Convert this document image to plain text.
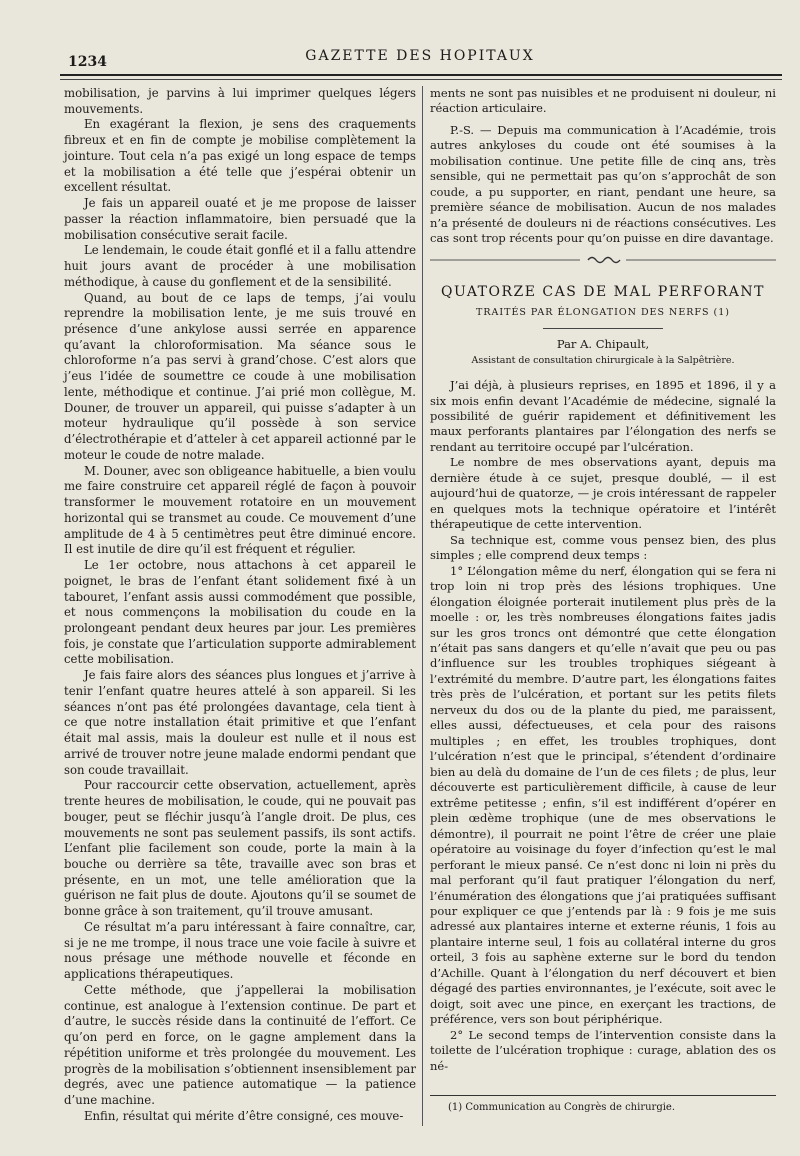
1234	GAZETTE DES HOPITAUX

mobilisation, je parvins à lui imprimer quelques légers mouvements.

En exagérant la flexion, je sens des craquements fibreux et en fin de compte je mobilise complètement la jointure. Tout cela n’a pas exigé un long espace de temps et la mobilisation a été telle que j’espérai obtenir un excellent résultat.

Je fais un appareil ouaté et je me propose de laisser passer la réaction inflammatoire, bien persuadé que la mobilisation consécutive serait facile.

Le lendemain, le coude était gonflé et il a fallu attendre huit jours avant de procéder à une mobilisation méthodique, à cause du gonflement et de la sensibilité.

Quand, au bout de ce laps de temps, j’ai voulu reprendre la mobilisation lente, je me suis trouvé en présence d’une ankylose aussi serrée en apparence qu’avant la chloroformisation. Ma séance sous le chloroforme n’a pas servi à grand’chose. C’est alors que j’eus l’idée de soumettre ce coude à une mobilisation lente, méthodique et continue. J’ai prié mon collègue, M. Douner, de trouver un appareil, qui puisse s’adapter à un moteur hydraulique qu’il possède à son service d’électrothérapie et d’atteler à cet appareil actionné par le moteur le coude de notre malade.

M. Douner, avec son obligeance habituelle, a bien voulu me faire construire cet appareil réglé de façon à pouvoir transformer le mouvement rotatoire en un mouvement horizontal qui se transmet au coude. Ce mouvement d’une amplitude de 4 à 5 centimètres peut être diminué encore. Il est inutile de dire qu’il est fréquent et régulier.

Le 1er octobre, nous attachons à cet appareil le poignet, le bras de l’enfant étant solidement fixé à un tabouret, l’enfant assis aussi commodément que possible, et nous commençons la mobilisation du coude en la prolongeant pendant deux heures par jour. Les premières fois, je constate que l’articulation supporte admirablement cette mobilisation.

Je fais faire alors des séances plus longues et j’arrive à tenir l’enfant quatre heures attelé à son appareil. Si les séances n’ont pas été prolongées davantage, cela tient à ce que notre installation était primitive et que l’enfant était mal assis, mais la douleur est nulle et il nous est arrivé de trouver notre jeune malade endormi pendant que son coude travaillait.

Pour raccourcir cette observation, actuellement, après trente heures de mobilisation, le coude, qui ne pouvait pas bouger, peut se fléchir jusqu’à l’angle droit. De plus, ces mouvements ne sont pas seulement passifs, ils sont actifs. L’enfant plie facilement son coude, porte la main à la bouche ou derrière sa tête, travaille avec son bras et présente, en un mot, une telle amélioration que la guérison ne fait plus de doute. Ajoutons qu’il se soumet de bonne grâce à son traitement, qu’il trouve amusant.

Ce résultat m’a paru intéressant à faire connaître, car, si je ne me trompe, il nous trace une voie facile à suivre et nous présage une méthode nouvelle et féconde en applications thérapeutiques.

Cette méthode, que j’appellerai la mobilisation continue, est analogue à l’extension continue. De part et d’autre, le succès réside dans la continuité de l’effort. Ce qu’on perd en force, on le gagne amplement dans la répétition uniforme et très prolongée du mouvement. Les progrès de la mobilisation s’obtiennent insensiblement par degrés, avec une patience automatique — la patience d’une machine.

Enfin, résultat qui mérite d’être consigné, ces mouve-

ments ne sont pas nuisibles et ne produisent ni douleur, ni réaction articulaire.

P.-S. — Depuis ma communication à l’Académie, trois autres ankyloses du coude ont été soumises à la mobilisation continue. Une petite fille de cinq ans, très sensible, qui ne permettait pas qu’on s’approchât de son coude, a pu supporter, en riant, pendant une heure, sa première séance de mobilisation. Aucun de nos malades n’a présenté de douleurs ni de réactions consécutives. Les cas sont trop récents pour qu’on puisse en dire davantage.

QUATORZE CAS DE MAL PERFORANT
TRAITÉS PAR ÉLONGATION DES NERFS (1)
Par A. Chipault,
Assistant de consultation chirurgicale à la Salpêtrière.

J’ai déjà, à plusieurs reprises, en 1895 et 1896, il y a six mois enfin devant l’Académie de médecine, signalé la possibilité de guérir rapidement et définitivement les maux perforants plantaires par l’élongation des nerfs se rendant au territoire occupé par l’ulcération.

Le nombre de mes observations ayant, depuis ma dernière étude à ce sujet, presque doublé, — il est aujourd’hui de quatorze, — je crois intéressant de rappeler en quelques mots la technique opératoire et l’intérêt thérapeutique de cette intervention.

Sa technique est, comme vous pensez bien, des plus simples ; elle comprend deux temps :

1° L’élongation même du nerf, élongation qui se fera ni trop loin ni trop près des lésions trophiques. Une élongation éloignée porterait inutilement plus près de la moelle : or, les très nombreuses élongations faites jadis sur les gros troncs ont démontré que cette élongation n’était pas sans dangers et qu’elle n’avait que peu ou pas d’influence sur les troubles trophiques siégeant à l’extrémité du membre. D’autre part, les élongations faites très près de l’ulcération, et portant sur les petits filets nerveux du dos ou de la plante du pied, me paraissent, elles aussi, défectueuses, et cela pour des raisons multiples ; en effet, les troubles trophiques, dont l’ulcération n’est que le principal, s’étendent d’ordinaire bien au delà du domaine de l’un de ces filets ; de plus, leur découverte est particulièrement difficile, à cause de leur extrême petitesse ; enfin, s’il est indifférent d’opérer en plein œdème trophique (une de mes observations le démontre), il pourrait ne point l’être de créer une plaie opératoire au voisinage du foyer d’infection qu’est le mal perforant le mieux pansé. Ce n’est donc ni loin ni près du mal perforant qu’il faut pratiquer l’élongation du nerf, l’énumération des élongations que j’ai pratiquées suffisant pour expliquer ce que j’entends par là : 9 fois je me suis adressé aux plantaires interne et externe réunis, 1 fois au plantaire interne seul, 1 fois au collatéral interne du gros orteil, 3 fois au saphène externe sur le bord du tendon d’Achille. Quant à l’élongation du nerf découvert et bien dégagé des parties environnantes, je l’exécute, soit avec le doigt, soit avec une pince, en exerçant les tractions, de préférence, vers son bout périphérique.

2° Le second temps de l’intervention consiste dans la toilette de l’ulcération trophique : curage, ablation des os né-

(1) Communication au Congrès de chirurgie.
